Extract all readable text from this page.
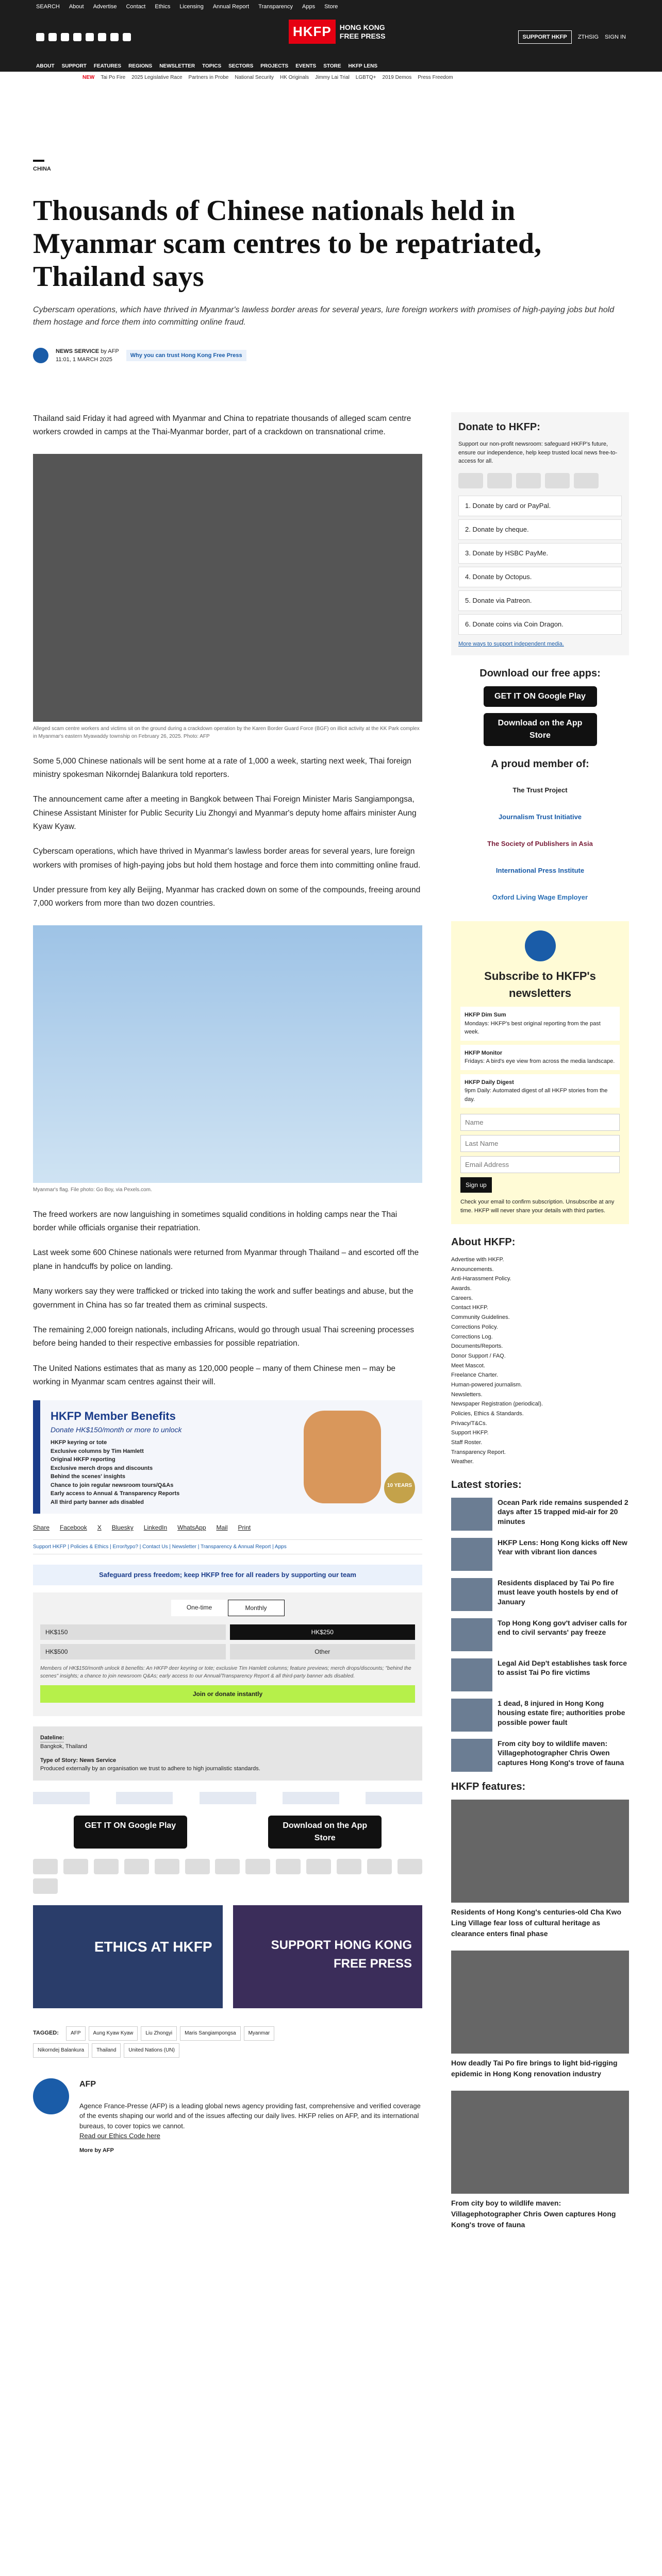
SEARCH About Advertise Contact Ethics Licensing Annual Report Transparency Apps Store
HKFP	HONG KONG
FREE PRESS	SUPPORT HKFP	ZTHSIG SIGN IN
ABOUT SUPPORT FEATURES REGIONS NEWSLETTER TOPICS SECTORS PROJECTS EVENTS STORE HKFP LENS
NEW Tai Po Fire 2025 Legislative Race Partners in Probe National Security HK Originals Jimmy Lai Trial LGBTQ+ 2019 Demos Press Freedom
CHINA
Thousands of Chinese nationals held in Myanmar scam centres to be repatriated, Thailand says

Cyberscam operations, which have thrived in Myanmar's lawless border areas for several years, lure foreign workers with promises of high-paying jobs but hold them hostage and force them into committing online fraud.

NEWS SERVICE by AFP
11:01, 1 MARCH 2025
Why you can trust Hong Kong Free Press

Thailand said Friday it had agreed with Myanmar and China to repatriate thousands of alleged scam centre workers crowded in camps at the Thai-Myanmar border, part of a crackdown on transnational crime.

Alleged scam centre workers and victims sit on the ground during a crackdown operation by the Karen Border Guard Force (BGF) on illicit activity at the KK Park complex in Myanmar's eastern Myawaddy township on February 26, 2025. Photo: AFP

Some 5,000 Chinese nationals will be sent home at a rate of 1,000 a week, starting next week, Thai foreign ministry spokesman Nikorndej Balankura told reporters.

The announcement came after a meeting in Bangkok between Thai Foreign Minister Maris Sangiampongsa, Chinese Assistant Minister for Public Security Liu Zhongyi and Myanmar's deputy home affairs minister Aung Kyaw Kyaw.

Cyberscam operations, which have thrived in Myanmar's lawless border areas for several years, lure foreign workers with promises of high-paying jobs but hold them hostage and force them into committing online fraud.

Under pressure from key ally Beijing, Myanmar has cracked down on some of the compounds, freeing around 7,000 workers from more than two dozen countries.

Myanmar's flag. File photo: Go Boy, via Pexels.com.

The freed workers are now languishing in sometimes squalid conditions in holding camps near the Thai border while officials organise their repatriation.

Last week some 600 Chinese nationals were returned from Myanmar through Thailand – and escorted off the plane in handcuffs by police on landing.

Many workers say they were trafficked or tricked into taking the work and suffer beatings and abuse, but the government in China has so far treated them as criminal suspects.

The remaining 2,000 foreign nationals, including Africans, would go through usual Thai screening processes before being handed to their respective embassies for possible repatriation.

The United Nations estimates that as many as 120,000 people – many of them Chinese men – may be working in Myanmar scam centres against their will.

HKFP Member Benefits
Donate HK$150/month or more to unlock
HKFP keyring or tote
Exclusive columns by Tim Hamlett
Original HKFP reporting
Exclusive merch drops and discounts
Behind the scenes' insights
Chance to join regular newsroom tours/Q&As
Early access to Annual & Transparency Reports
All third party banner ads disabled
10 YEARS
Share Facebook X Bluesky LinkedIn WhatsApp Mail Print
Support HKFP | Policies & Ethics | Error/typo? | Contact Us | Newsletter | Transparency & Annual Report | Apps
Safeguard press freedom; keep HKFP free for all readers by supporting our team
One-time	Monthly
HK$150	HK$250
HK$500	Other

Members of HK$150/month unlock 8 benefits: An HKFP deer keyring or tote; exclusive Tim Hamlett columns; feature previews; merch drops/discounts; "behind the scenes" insights; a chance to join newsroom Q&As; early access to our Annual/Transparency Report & all third-party banner ads disabled.

Join or donate instantly
Dateline:
Bangkok, Thailand
Type of Story: News Service
Produced externally by an organisation we trust to adhere to high journalistic standards.
GET IT ON Google Play	Download on the App Store
ETHICS AT HKFP	SUPPORT HONG KONG FREE PRESS
TAGGED: AFP Aung Kyaw Kyaw Liu Zhongyi Maris Sangiampongsa Myanmar
Nikorndej Balankura Thailand United Nations (UN)
AFP

Agence France-Presse (AFP) is a leading global news agency providing fast, comprehensive and verified coverage of the events shaping our world and of the issues affecting our daily lives. HKFP relies on AFP, and its international bureaus, to cover topics we cannot.

Read our Ethics Code here

More by AFP

Donate to HKFP:

Support our non-profit newsroom: safeguard HKFP's future, ensure our independence, help keep trusted local news free-to-access for all.

1. Donate by card or PayPal.
2. Donate by cheque.
3. Donate by HSBC PayMe.
4. Donate by Octopus.
5. Donate via Patreon.
6. Donate coins via Coin Dragon.

More ways to support independent media.

Download our free apps:
GET IT ON Google Play Download on the App Store
A proud member of:
The Trust Project
Journalism Trust Initiative
The Society of Publishers in Asia
International Press Institute
Oxford Living Wage Employer
Subscribe to HKFP's newsletters
HKFP Dim Sum
Mondays: HKFP's best original reporting from the past week.
HKFP Monitor
Fridays: A bird's eye view from across the media landscape.
HKFP Daily Digest
9pm Daily: Automated digest of all HKFP stories from the day.
Name Last Name Email Address Sign up

Check your email to confirm subscription. Unsubscribe at any time. HKFP will never share your details with third parties.

About HKFP:
Advertise with HKFP.
Announcements.
Anti-Harassment Policy.
Awards.
Careers.
Contact HKFP.
Community Guidelines.
Corrections Policy.
Corrections Log.
Documents/Reports.
Donor Support / FAQ.
Meet Mascot.
Freelance Charter.
Human-powered journalism.
Newsletters.
Newspaper Registration (periodical).
Policies, Ethics & Standards.
Privacy/T&Cs.
Support HKFP.
Staff Roster.
Transparency Report.
Weather.
Latest stories:
Ocean Park ride remains suspended 2 days after 15 trapped mid-air for 20 minutes
HKFP Lens: Hong Kong kicks off New Year with vibrant lion dances
Residents displaced by Tai Po fire must leave youth hostels by end of January
Top Hong Kong gov't adviser calls for end to civil servants' pay freeze
Legal Aid Dep't establishes task force to assist Tai Po fire victims
1 dead, 8 injured in Hong Kong housing estate fire; authorities probe possible power fault
From city boy to wildlife maven: Villagephotographer Chris Owen captures Hong Kong's trove of fauna
HKFP features:
Residents of Hong Kong's centuries-old Cha Kwo Ling Village fear loss of cultural heritage as clearance enters final phase
How deadly Tai Po fire brings to light bid-rigging epidemic in Hong Kong renovation industry
From city boy to wildlife maven: Villagephotographer Chris Owen captures Hong Kong's trove of fauna
